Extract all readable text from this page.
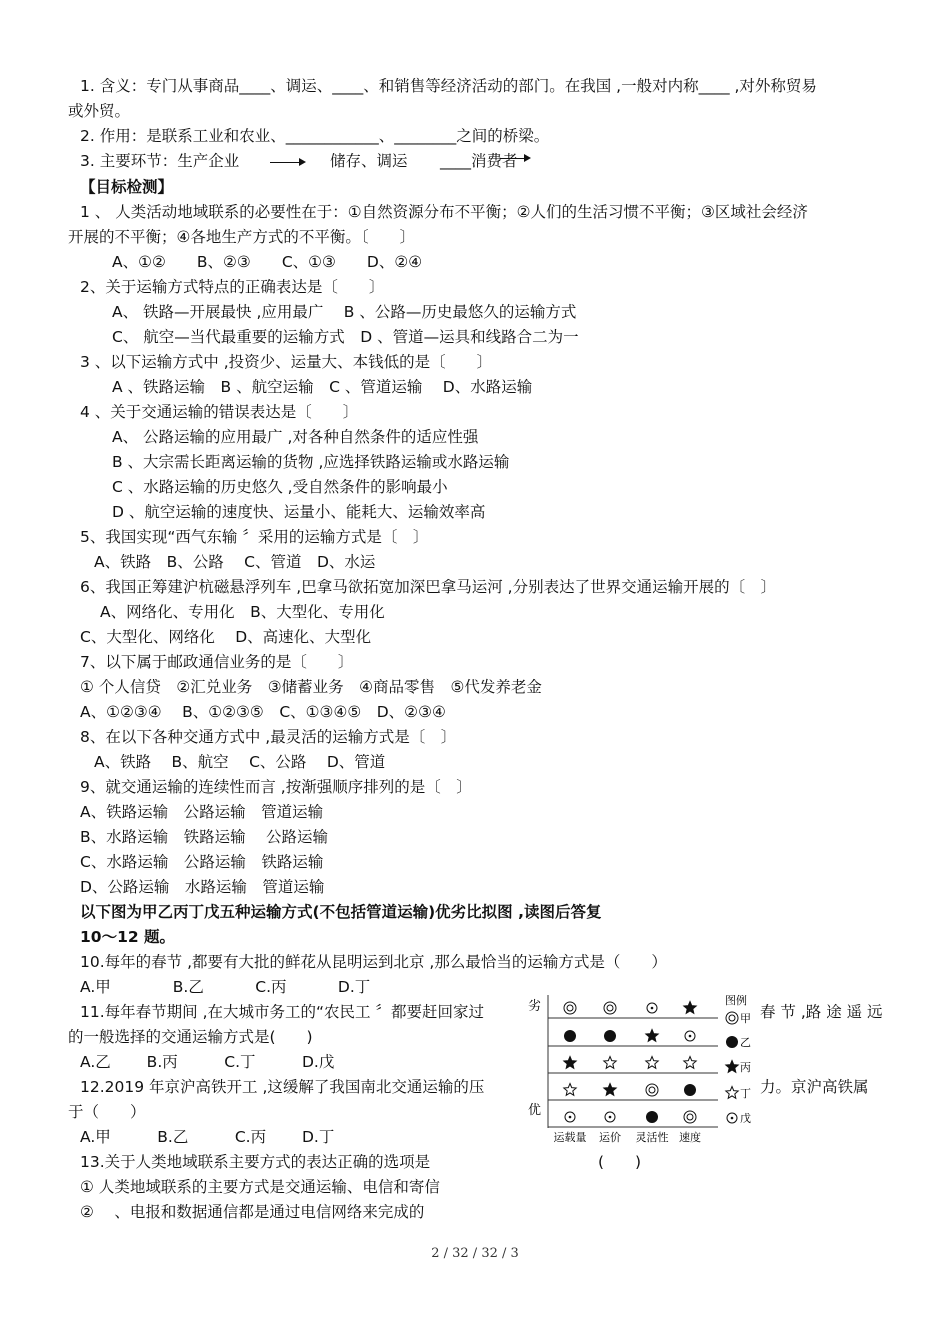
1. 含义：专门从事商品____、调运、____、和销售等经济活动的部门。在我国 ,一般对内称____ ,对外称贸易
或外贸。
2. 作用：是联系工业和农业、____________、________之间的桥梁。
3. 主要环节：生产企业	储存、调运 ____消费者
【目标检测】
1 、 人类活动地域联系的必要性在于：①自然资源分布不平衡；②人们的生活习惯不平衡；③区域社会经济
开展的不平衡；④各地生产方式的不平衡。〔　　〕
A、①②　　B、②③　　C、①③　　D、②④
2、关于运输方式特点的正确表达是〔　　〕
A、 铁路—开展最快 ,应用最广　 B 、公路—历史最悠久的运输方式
C、 航空—当代最重要的运输方式　D 、管道—运具和线路合二为一
3 、以下运输方式中 ,投资少、运量大、本钱低的是〔　　〕
A 、铁路运输　B 、航空运输　C 、管道运输　 D、水路运输
4 、关于交通运输的错误表达是〔　　〕
A、 公路运输的应用最广 ,对各种自然条件的适应性强
B 、大宗需长距离运输的货物 ,应选择铁路运输或水路运输
C 、水路运输的历史悠久 ,受自然条件的影响最小
D 、航空运输的速度快、运量小、能耗大、运输效率高
5、我国实现“西气东输 〞采用的运输方式是〔　〕
A、铁路　B、公路　 C、管道　D、水运
6、我国正筹建沪杭磁悬浮列车 ,巴拿马欲拓宽加深巴拿马运河 ,分别表达了世界交通运输开展的〔　〕
A、网络化、专用化　B、大型化、专用化
C、大型化、网络化　 D、高速化、大型化
7、以下属于邮政通信业务的是〔　　〕
① 个人信贷　②汇兑业务　③储蓄业务　④商品零售　⑤代发养老金
A、①②③④　 B、①②③⑤　C、①③④⑤　D、②③④
8、在以下各种交通方式中 ,最灵活的运输方式是〔　〕
A、铁路　 B、航空　 C、公路　 D、管道
9、就交通运输的连续性而言 ,按渐强顺序排列的是〔　〕
A、铁路运输　公路运输　管道运输
B、水路运输　铁路运输　 公路运输
C、水路运输　公路运输　铁路运输
D、公路运输　水路运输　管道运输
以下图为甲乙丙丁戊五种运输方式(不包括管道运输)优劣比拟图 ,读图后答复
10～12 题。
10.每年的春节 ,都要有大批的鲜花从昆明运到北京 ,那么最恰当的运输方式是（　　）
A.甲　　　　B.乙　　　 C.丙　　　 D.丁
11.每年春节期间 ,在大城市务工的“农民工 〞都要赶回家过	春 节 ,路 途 遥 远
的一般选择的交通运输方式是(　　)
A.乙　　 B.丙　　　C.丁　　　D.戊
12.2019 年京沪高铁开工 ,这缓解了我国南北交通运输的压	力。京沪高铁属
于（　　）
A.甲　　　B.乙　　　C.丙　　 D.丁
13.关于人类地域联系主要方式的表达正确的选项是	(　　)
① 人类地域联系的主要方式是交通运输、电信和寄信
② 　、电报和数据通信都是通过电信网络来完成的
劣
优
图例
运载量 运价 灵活性 速度
甲
乙
丙
丁
戊
2 / 32 / 32 / 3
